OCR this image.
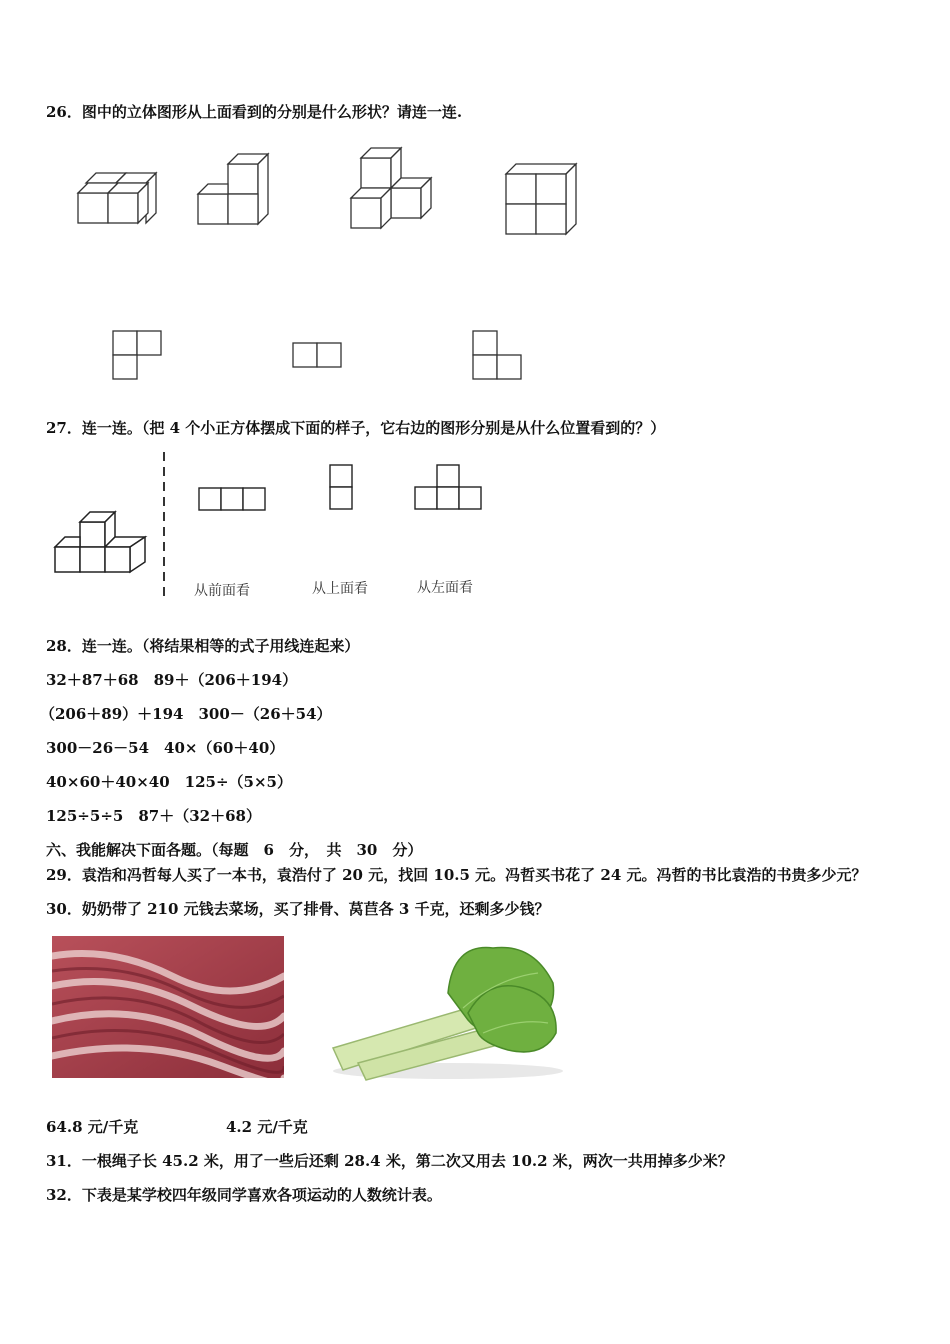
26．图中的立体图形从上面看到的分别是什么形状？请连一连.
27．连一连。（把 4 个小正方体摆成下面的样子，它右边的图形分别是从什么位置看到的？）
从前面看	从上面看	从左面看
28．连一连。（将结果相等的式子用线连起来）
32＋87＋68　89＋（206＋194）
（206＋89）＋194　300－（26＋54）
300－26－54　40×（60＋40）
40×60＋40×40　125÷（5×5）
125÷5÷5　87＋（32＋68）
六、我能解决下面各题。（每题　6　分，　共　30　分）
29．袁浩和冯哲每人买了一本书，袁浩付了 20 元，找回 10.5 元。冯哲买书花了 24 元。冯哲的书比袁浩的书贵多少元？
30．奶奶带了 210 元钱去菜场，买了排骨、莴苣各 3 千克，还剩多少钱？
64.8 元/千克	4.2 元/千克
31．一根绳子长 45.2 米，用了一些后还剩 28.4 米，第二次又用去 10.2 米，两次一共用掉多少米？
32．下表是某学校四年级同学喜欢各项运动的人数统计表。
